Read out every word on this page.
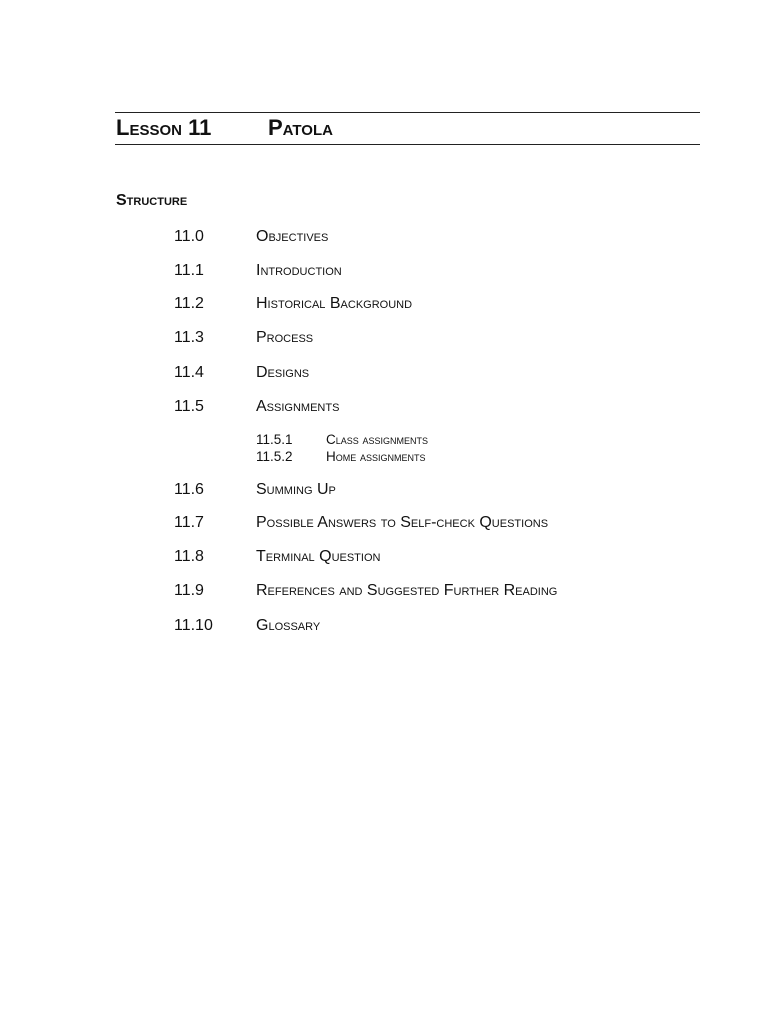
Lesson 11	Patola
Structure
11.0	Objectives
11.1	Introduction
11.2	Historical Background
11.3	Process
11.4	Designs
11.5	Assignments
11.5.1 Class assignments
11.5.2 Home assignments
11.6	Summing Up
11.7	Possible Answers to Self-check Questions
11.8	Terminal Question
11.9	References and Suggested Further Reading
11.10	Glossary
